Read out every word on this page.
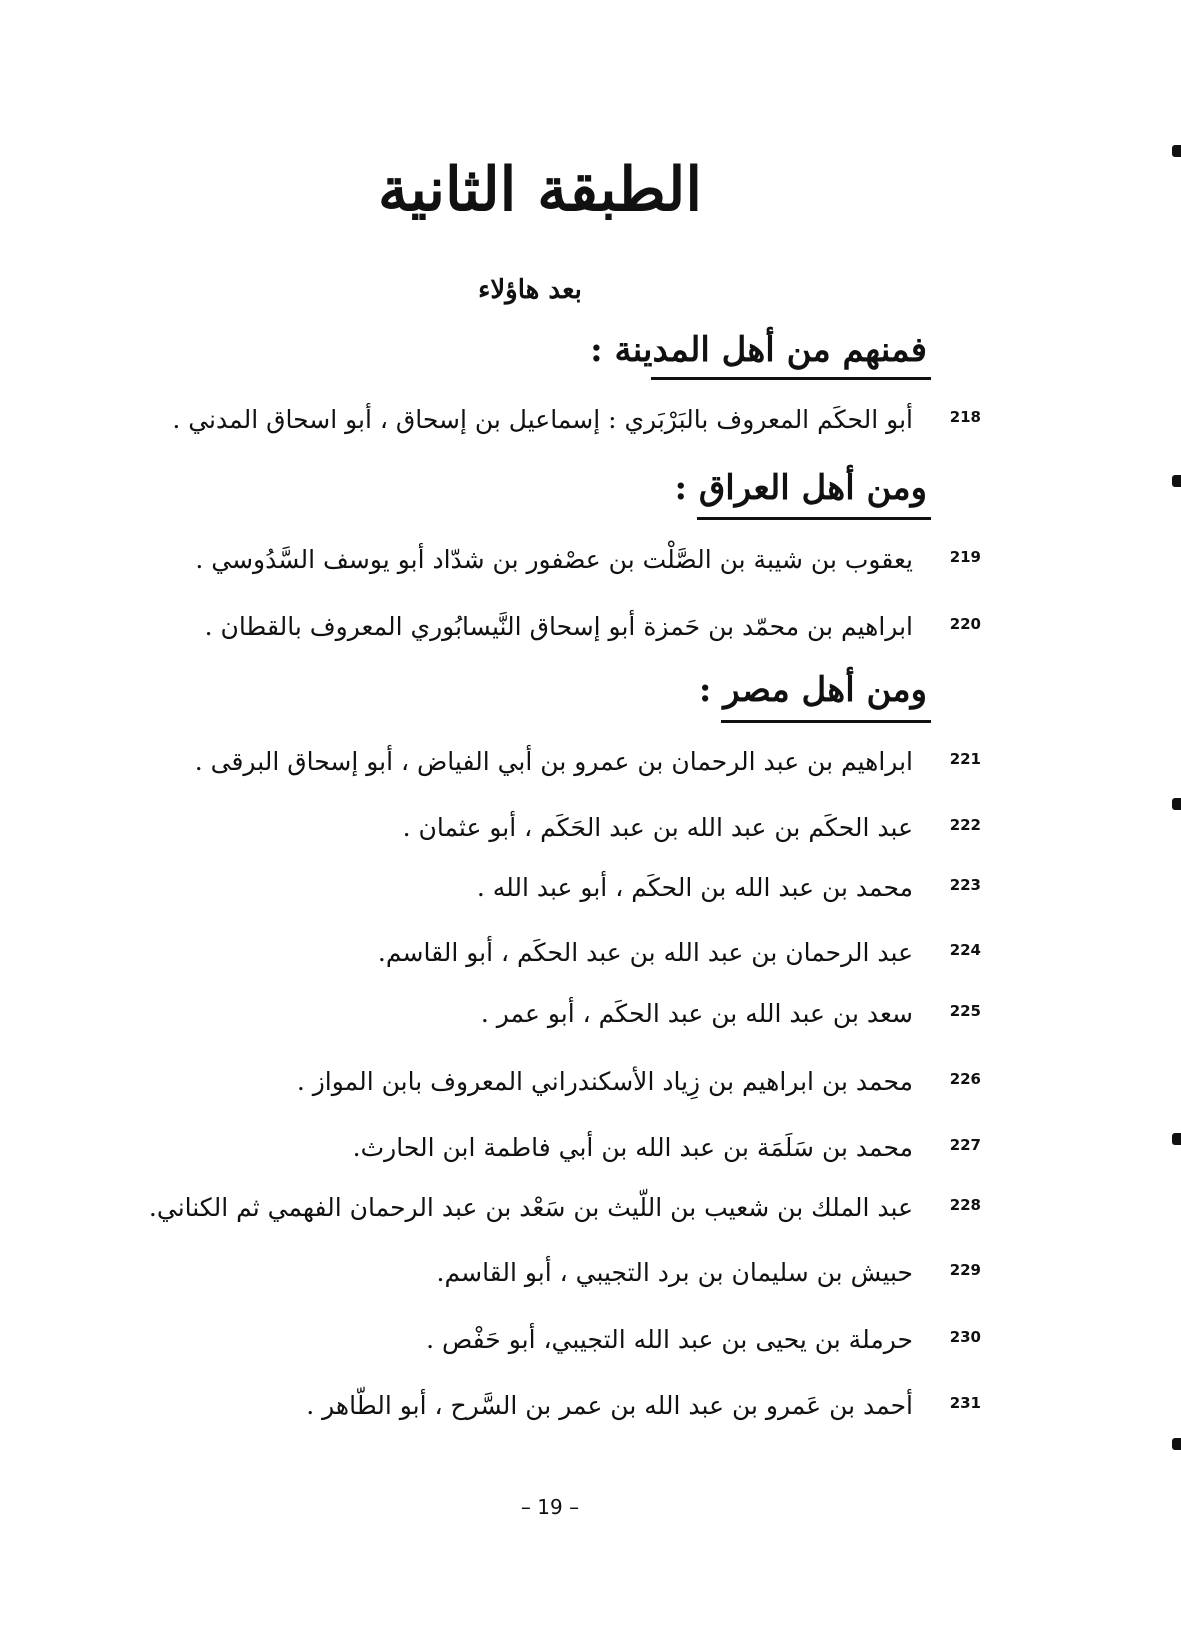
الطبقة الثانية
بعد هاؤلاء
فمنهم من أهل المدينة :
218
أبو الحكَم المعروف بالبَرْبَري : إسماعيل بن إسحاق ، أبو اسحاق المدني .
ومن أهل العراق :
219
يعقوب بن شيبة بن الصَّلْت بن عصْفور بن شدّاد أبو يوسف السَّدُوسي .
220
ابراهيم بن محمّد بن حَمزة أبو إسحاق النَّيسابُوري المعروف بالقطان .
ومن أهل مصر :
221
ابراهيم بن عبد الرحمان بن عمرو بن أبي الفياض ، أبو إسحاق البرقى .
222
عبد الحكَم بن عبد الله بن عبد الحَكَم ، أبو عثمان .
223
محمد بن عبد الله بن الحكَم ، أبو عبد الله .
224
عبد الرحمان بن عبد الله بن عبد الحكَم ، أبو القاسم.
225
سعد بن عبد الله بن عبد الحكَم ، أبو عمر .
226
محمد بن ابراهيم بن زِياد الأسكندراني المعروف بابن المواز .
227
محمد بن سَلَمَة بن عبد الله بن أبي فاطمة ابن الحارث.
228
عبد الملك بن شعيب بن اللّيث بن سَعْد بن عبد الرحمان الفهمي ثم الكناني.
229
حبيش بن سليمان بن برد التجيبي ، أبو القاسم.
230
حرملة بن يحيى بن عبد الله التجيبي، أبو حَفْص .
231
أحمد بن عَمرو بن عبد الله بن عمر بن السَّرح ، أبو الطّاهر .
– 19 –
